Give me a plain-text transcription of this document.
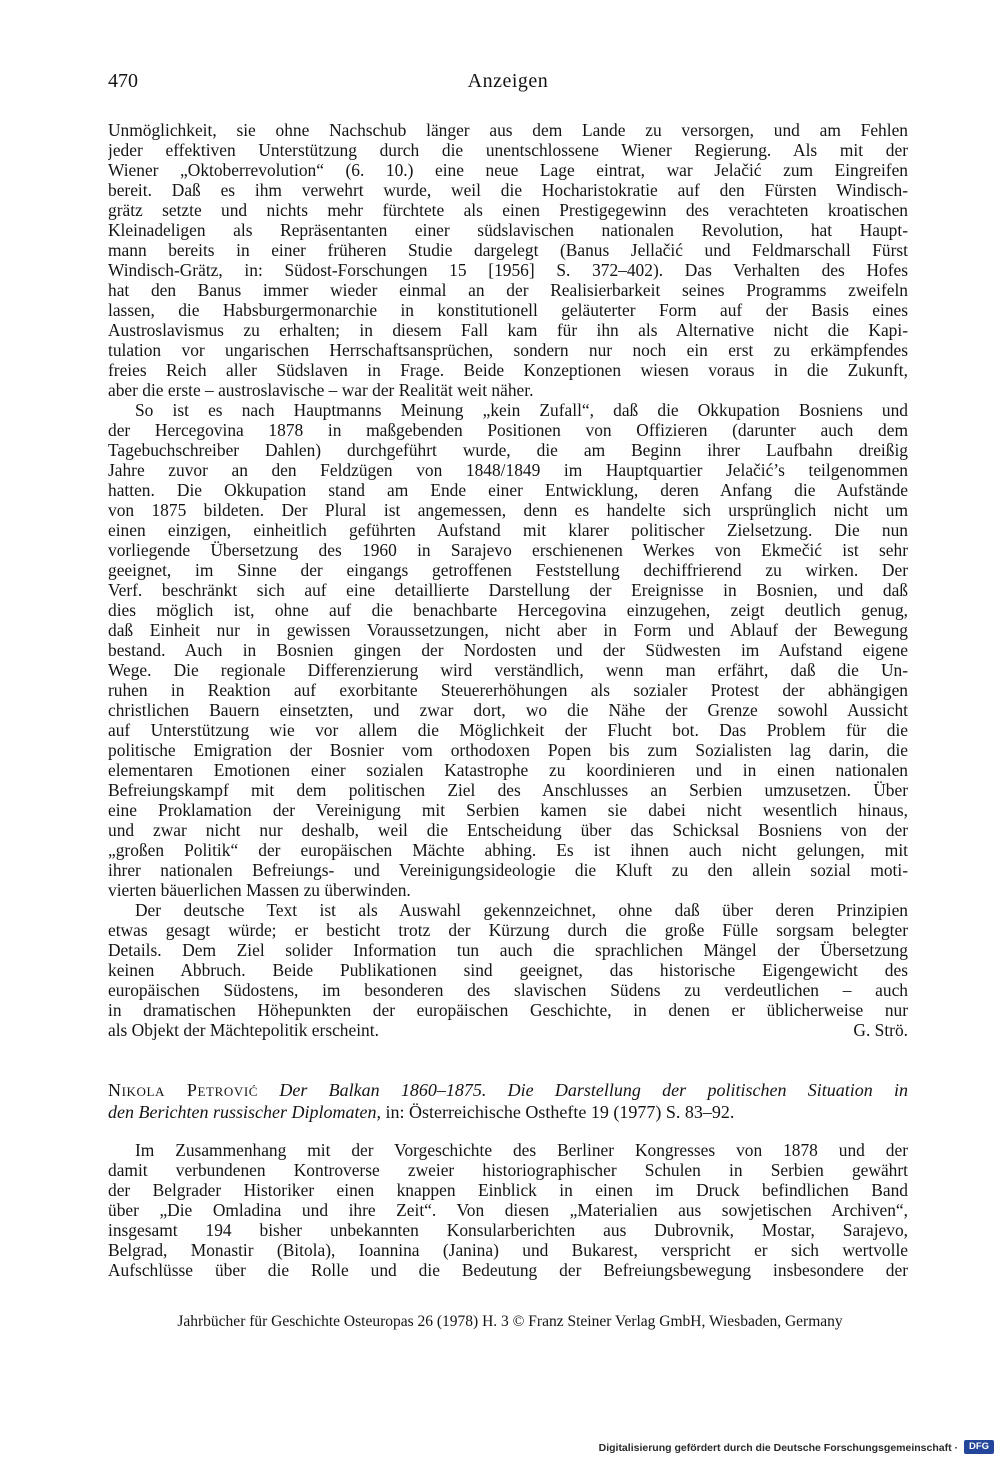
470	Anzeigen
Unmöglichkeit, sie ohne Nachschub länger aus dem Lande zu versorgen, und am Fehlen
jeder effektiven Unterstützung durch die unentschlossene Wiener Regierung. Als mit der
Wiener „Oktoberrevolution“ (6. 10.) eine neue Lage eintrat, war Jelačić zum Eingreifen
bereit. Daß es ihm verwehrt wurde, weil die Hocharistokratie auf den Fürsten Windisch-
grätz setzte und nichts mehr fürchtete als einen Prestigegewinn des verachteten kroatischen
Kleinadeligen als Repräsentanten einer südslavischen nationalen Revolution, hat Haupt-
mann bereits in einer früheren Studie dargelegt (Banus Jellačić und Feldmarschall Fürst
Windisch-Grätz, in: Südost-Forschungen 15 [1956] S. 372–402). Das Verhalten des Hofes
hat den Banus immer wieder einmal an der Realisierbarkeit seines Programms zweifeln
lassen, die Habsburgermonarchie in konstitutionell geläuterter Form auf der Basis eines
Austroslavismus zu erhalten; in diesem Fall kam für ihn als Alternative nicht die Kapi-
tulation vor ungarischen Herrschaftsansprüchen, sondern nur noch ein erst zu erkämpfendes
freies Reich aller Südslaven in Frage. Beide Konzeptionen wiesen voraus in die Zukunft,
aber die erste – austroslavische – war der Realität weit näher.
So ist es nach Hauptmanns Meinung „kein Zufall“, daß die Okkupation Bosniens und
der Hercegovina 1878 in maßgebenden Positionen von Offizieren (darunter auch dem
Tagebuchschreiber Dahlen) durchgeführt wurde, die am Beginn ihrer Laufbahn dreißig
Jahre zuvor an den Feldzügen von 1848/1849 im Hauptquartier Jelačić’s teilgenommen
hatten. Die Okkupation stand am Ende einer Entwicklung, deren Anfang die Aufstände
von 1875 bildeten. Der Plural ist angemessen, denn es handelte sich ursprünglich nicht um
einen einzigen, einheitlich geführten Aufstand mit klarer politischer Zielsetzung. Die nun
vorliegende Übersetzung des 1960 in Sarajevo erschienenen Werkes von Ekmečić ist sehr
geeignet, im Sinne der eingangs getroffenen Feststellung dechiffrierend zu wirken. Der
Verf. beschränkt sich auf eine detaillierte Darstellung der Ereignisse in Bosnien, und daß
dies möglich ist, ohne auf die benachbarte Hercegovina einzugehen, zeigt deutlich genug,
daß Einheit nur in gewissen Voraussetzungen, nicht aber in Form und Ablauf der Bewegung
bestand. Auch in Bosnien gingen der Nordosten und der Südwesten im Aufstand eigene
Wege. Die regionale Differenzierung wird verständlich, wenn man erfährt, daß die Un-
ruhen in Reaktion auf exorbitante Steuererhöhungen als sozialer Protest der abhängigen
christlichen Bauern einsetzten, und zwar dort, wo die Nähe der Grenze sowohl Aussicht
auf Unterstützung wie vor allem die Möglichkeit der Flucht bot. Das Problem für die
politische Emigration der Bosnier vom orthodoxen Popen bis zum Sozialisten lag darin, die
elementaren Emotionen einer sozialen Katastrophe zu koordinieren und in einen nationalen
Befreiungskampf mit dem politischen Ziel des Anschlusses an Serbien umzusetzen. Über
eine Proklamation der Vereinigung mit Serbien kamen sie dabei nicht wesentlich hinaus,
und zwar nicht nur deshalb, weil die Entscheidung über das Schicksal Bosniens von der
„großen Politik“ der europäischen Mächte abhing. Es ist ihnen auch nicht gelungen, mit
ihrer nationalen Befreiungs- und Vereinigungsideologie die Kluft zu den allein sozial moti-
vierten bäuerlichen Massen zu überwinden.
Der deutsche Text ist als Auswahl gekennzeichnet, ohne daß über deren Prinzipien
etwas gesagt würde; er besticht trotz der Kürzung durch die große Fülle sorgsam belegter
Details. Dem Ziel solider Information tun auch die sprachlichen Mängel der Übersetzung
keinen Abbruch. Beide Publikationen sind geeignet, das historische Eigengewicht des
europäischen Südostens, im besonderen des slavischen Südens zu verdeutlichen – auch
in dramatischen Höhepunkten der europäischen Geschichte, in denen er üblicherweise nur
als Objekt der Mächtepolitik erscheint.	G. Strö.
Nikola Petrović Der Balkan 1860–1875. Die Darstellung der politischen Situation in
den Berichten russischer Diplomaten, in: Österreichische Osthefte 19 (1977) S. 83–92.
Im Zusammenhang mit der Vorgeschichte des Berliner Kongresses von 1878 und der
damit verbundenen Kontroverse zweier historiographischer Schulen in Serbien gewährt
der Belgrader Historiker einen knappen Einblick in einen im Druck befindlichen Band
über „Die Omladina und ihre Zeit“. Von diesen „Materialien aus sowjetischen Archiven“,
insgesamt 194 bisher unbekannten Konsularberichten aus Dubrovnik, Mostar, Sarajevo,
Belgrad, Monastir (Bitola), Ioannina (Janina) und Bukarest, verspricht er sich wertvolle
Aufschlüsse über die Rolle und die Bedeutung der Befreiungsbewegung insbesondere der
Jahrbücher für Geschichte Osteuropas 26 (1978) H. 3 © Franz Steiner Verlag GmbH, Wiesbaden, Germany
Digitalisierung gefördert durch die Deutsche Forschungsgemeinschaft ·	DFG
